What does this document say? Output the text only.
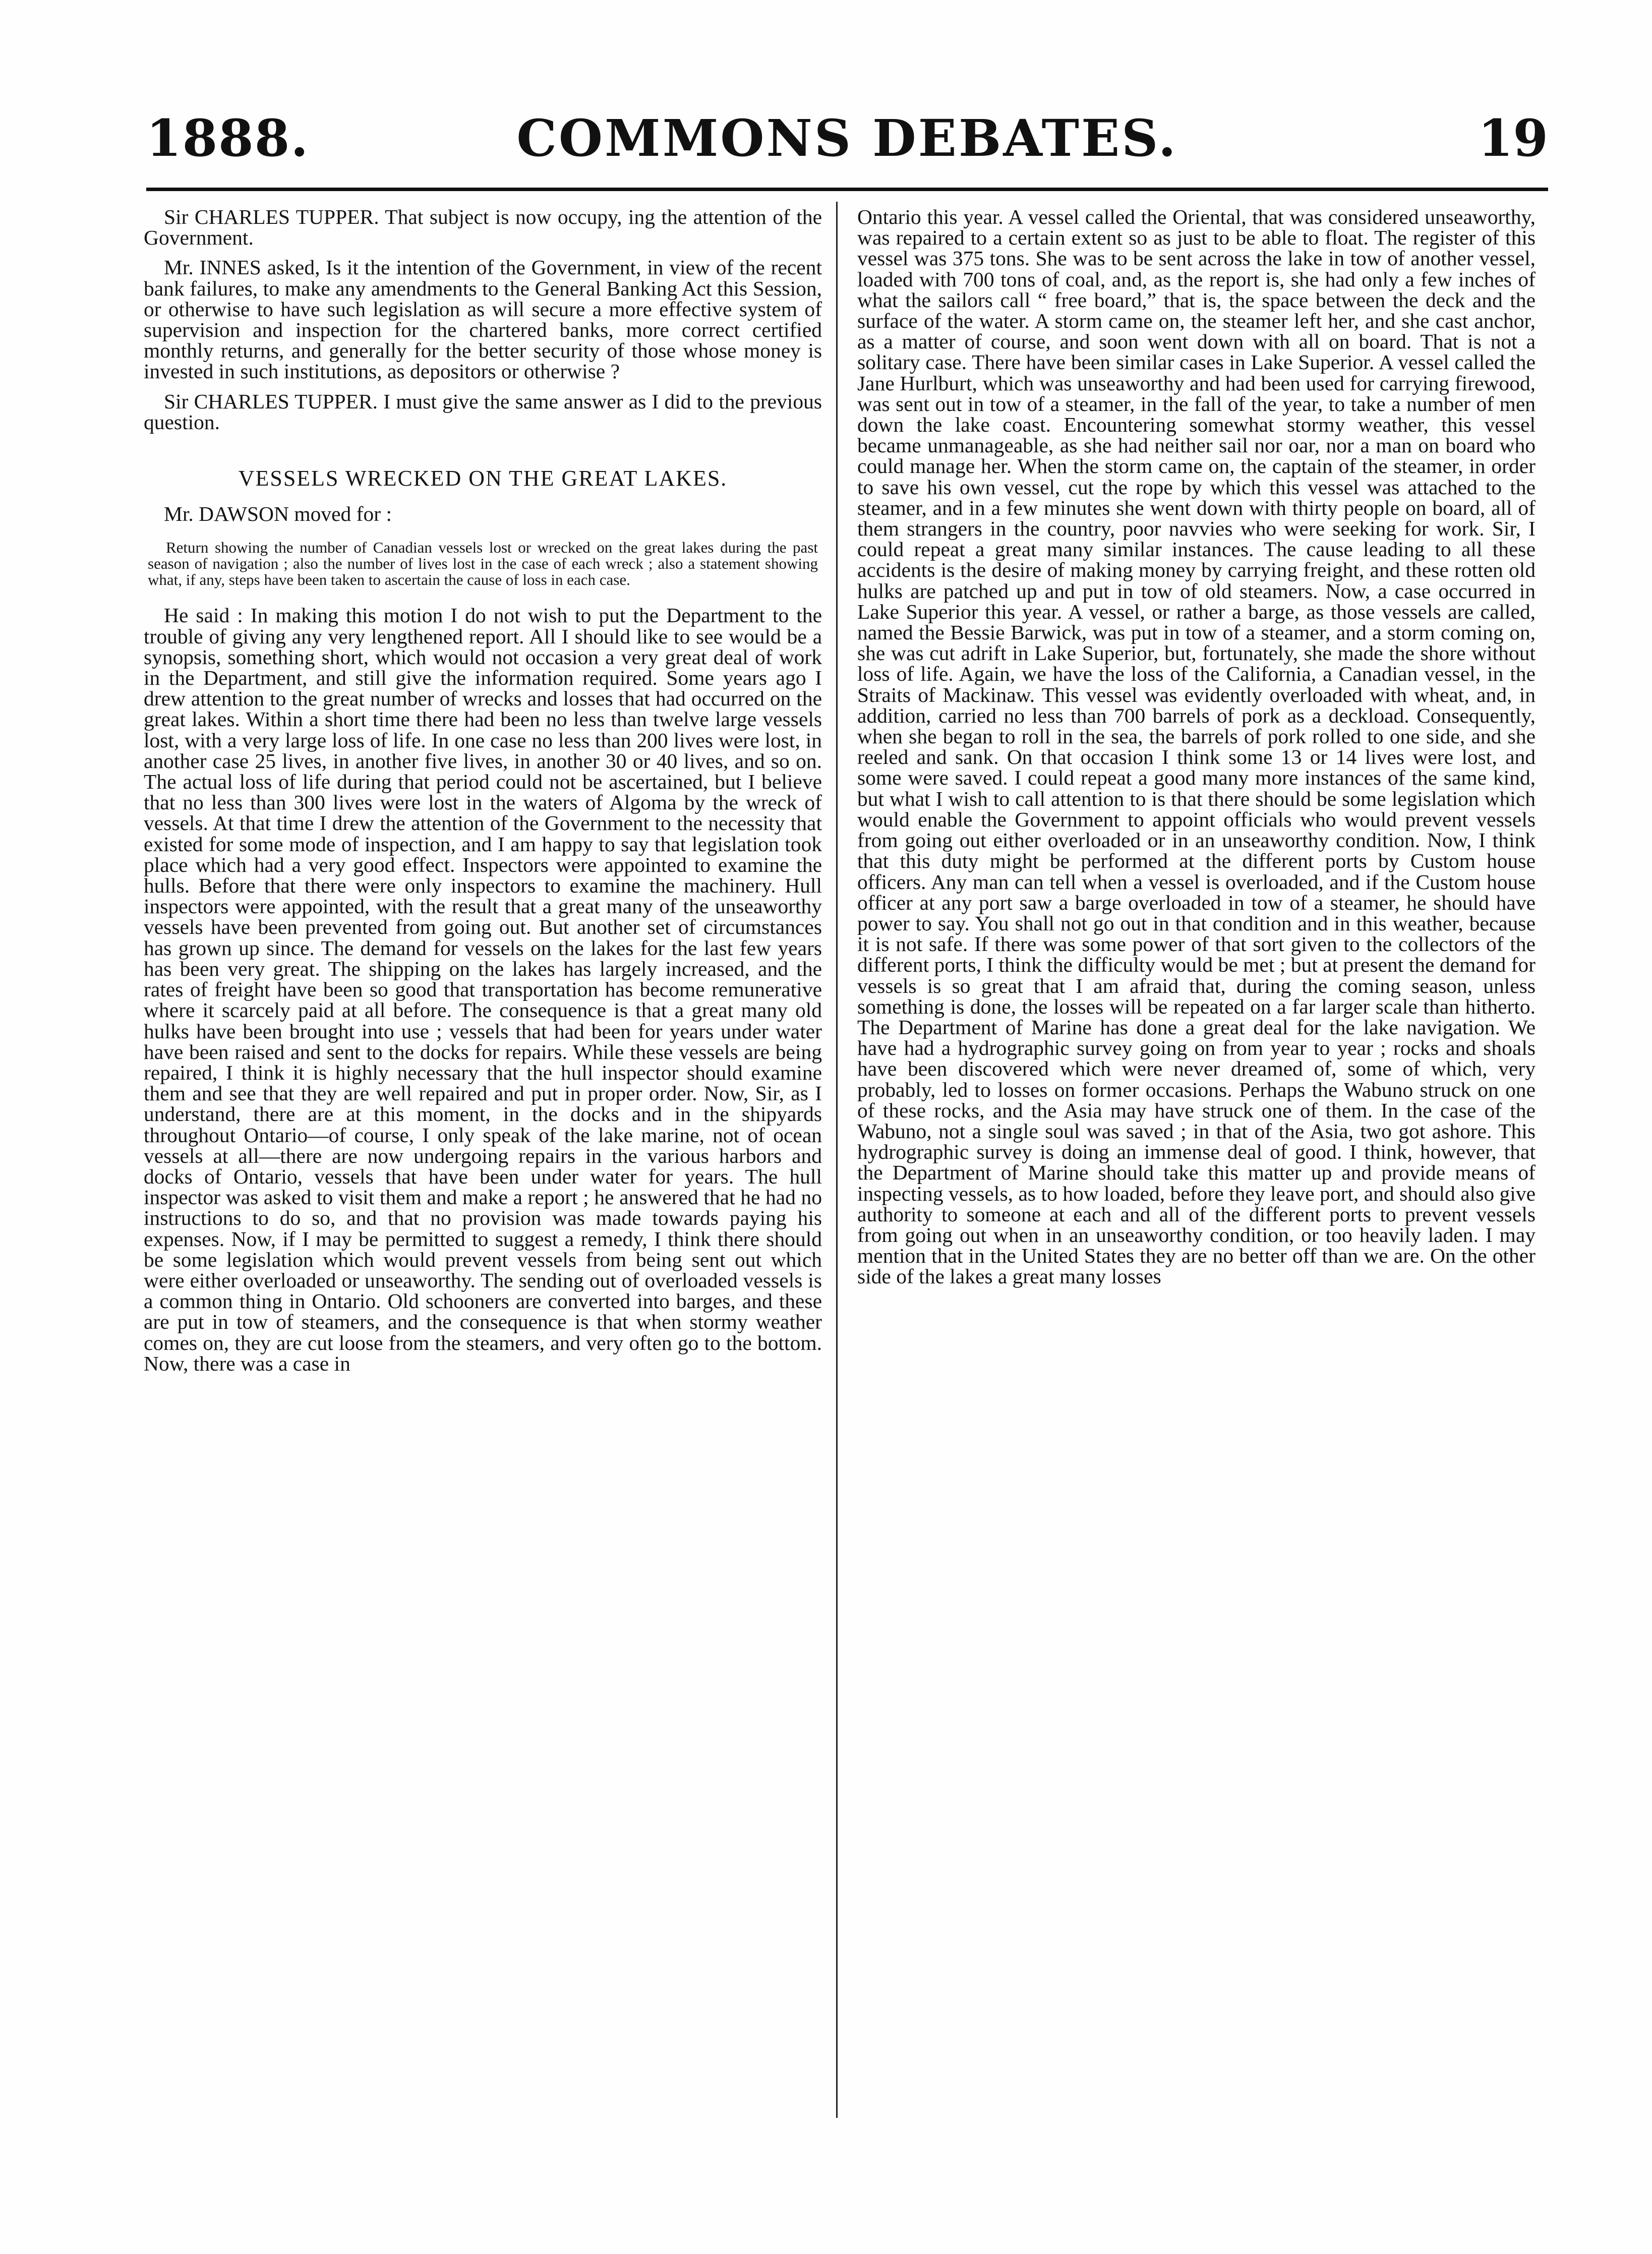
1888.	COMMONS DEBATES.	19

Sir CHARLES TUPPER. That subject is now occupy, ing the attention of the Government.

Mr. INNES asked, Is it the intention of the Government, in view of the recent bank failures, to make any amendments to the General Banking Act this Session, or otherwise to have such legislation as will secure a more effective system of supervision and inspection for the chartered banks, more correct certified monthly returns, and generally for the better security of those whose money is invested in such institutions, as depositors or otherwise ?

Sir CHARLES TUPPER. I must give the same answer as I did to the previous question.

VESSELS WRECKED ON THE GREAT LAKES.

Mr. DAWSON moved for :

Return showing the number of Canadian vessels lost or wrecked on the great lakes during the past season of navigation ; also the number of lives lost in the case of each wreck ; also a statement showing what, if any, steps have been taken to ascertain the cause of loss in each case.

He said : In making this motion I do not wish to put the Department to the trouble of giving any very lengthened report. All I should like to see would be a synopsis, something short, which would not occasion a very great deal of work in the Department, and still give the information required. Some years ago I drew attention to the great number of wrecks and losses that had occurred on the great lakes. Within a short time there had been no less than twelve large vessels lost, with a very large loss of life. In one case no less than 200 lives were lost, in another case 25 lives, in another five lives, in another 30 or 40 lives, and so on. The actual loss of life during that period could not be ascertained, but I believe that no less than 300 lives were lost in the waters of Algoma by the wreck of vessels. At that time I drew the attention of the Government to the necessity that existed for some mode of inspection, and I am happy to say that legislation took place which had a very good effect. Inspectors were appointed to examine the hulls. Before that there were only inspectors to examine the machinery. Hull inspectors were appointed, with the result that a great many of the unseaworthy vessels have been prevented from going out. But another set of circumstances has grown up since. The demand for vessels on the lakes for the last few years has been very great. The shipping on the lakes has largely increased, and the rates of freight have been so good that transportation has become remunerative where it scarcely paid at all before. The consequence is that a great many old hulks have been brought into use ; vessels that had been for years under water have been raised and sent to the docks for repairs. While these vessels are being repaired, I think it is highly necessary that the hull inspector should examine them and see that they are well repaired and put in proper order. Now, Sir, as I understand, there are at this moment, in the docks and in the shipyards throughout Ontario—of course, I only speak of the lake marine, not of ocean vessels at all—there are now undergoing repairs in the various harbors and docks of Ontario, vessels that have been under water for years. The hull inspector was asked to visit them and make a report ; he answered that he had no instructions to do so, and that no provision was made towards paying his expenses. Now, if I may be permitted to suggest a remedy, I think there should be some legislation which would prevent vessels from being sent out which were either overloaded or unseaworthy. The sending out of overloaded vessels is a common thing in Ontario. Old schooners are converted into barges, and these are put in tow of steamers, and the consequence is that when stormy weather comes on, they are cut loose from the steamers, and very often go to the bottom. Now, there was a case in

Ontario this year. A vessel called the Oriental, that was considered unseaworthy, was repaired to a certain extent so as just to be able to float. The register of this vessel was 375 tons. She was to be sent across the lake in tow of another vessel, loaded with 700 tons of coal, and, as the report is, she had only a few inches of what the sailors call “ free board,” that is, the space between the deck and the surface of the water. A storm came on, the steamer left her, and she cast anchor, as a matter of course, and soon went down with all on board. That is not a solitary case. There have been similar cases in Lake Superior. A vessel called the Jane Hurlburt, which was unseaworthy and had been used for carrying firewood, was sent out in tow of a steamer, in the fall of the year, to take a number of men down the lake coast. Encountering somewhat stormy weather, this vessel became unmanageable, as she had neither sail nor oar, nor a man on board who could manage her. When the storm came on, the captain of the steamer, in order to save his own vessel, cut the rope by which this vessel was attached to the steamer, and in a few minutes she went down with thirty people on board, all of them strangers in the country, poor navvies who were seeking for work. Sir, I could repeat a great many similar instances. The cause leading to all these accidents is the desire of making money by carrying freight, and these rotten old hulks are patched up and put in tow of old steamers. Now, a case occurred in Lake Superior this year. A vessel, or rather a barge, as those vessels are called, named the Bessie Barwick, was put in tow of a steamer, and a storm coming on, she was cut adrift in Lake Superior, but, fortunately, she made the shore without loss of life. Again, we have the loss of the California, a Canadian vessel, in the Straits of Mackinaw. This vessel was evidently overloaded with wheat, and, in addition, carried no less than 700 barrels of pork as a deckload. Consequently, when she began to roll in the sea, the barrels of pork rolled to one side, and she reeled and sank. On that occasion I think some 13 or 14 lives were lost, and some were saved. I could repeat a good many more instances of the same kind, but what I wish to call attention to is that there should be some legislation which would enable the Government to appoint officials who would prevent vessels from going out either overloaded or in an unseaworthy condition. Now, I think that this duty might be performed at the different ports by Custom house officers. Any man can tell when a vessel is overloaded, and if the Custom house officer at any port saw a barge overloaded in tow of a steamer, he should have power to say. You shall not go out in that condition and in this weather, because it is not safe. If there was some power of that sort given to the collectors of the different ports, I think the difficulty would be met ; but at present the demand for vessels is so great that I am afraid that, during the coming season, unless something is done, the losses will be repeated on a far larger scale than hitherto. The Department of Marine has done a great deal for the lake navigation. We have had a hydrographic survey going on from year to year ; rocks and shoals have been discovered which were never dreamed of, some of which, very probably, led to losses on former occasions. Perhaps the Wabuno struck on one of these rocks, and the Asia may have struck one of them. In the case of the Wabuno, not a single soul was saved ; in that of the Asia, two got ashore. This hydrographic survey is doing an immense deal of good. I think, however, that the Department of Marine should take this matter up and provide means of inspecting vessels, as to how loaded, before they leave port, and should also give authority to someone at each and all of the different ports to prevent vessels from going out when in an unseaworthy condition, or too heavily laden. I may mention that in the United States they are no better off than we are. On the other side of the lakes a great many losses
